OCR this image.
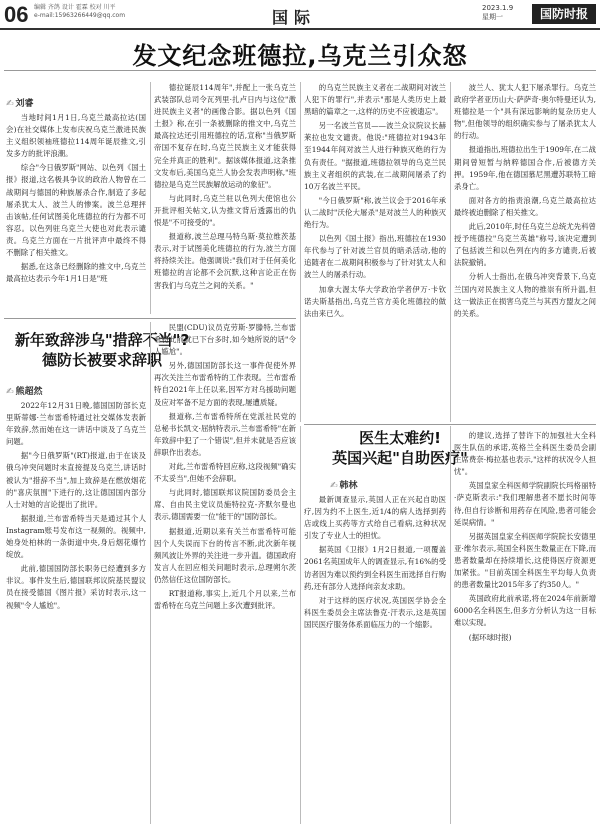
06 编辑 齐鸽 设计 霍霖 校对 川平
e-mail:15963266449@qq.com	国际	2023.1.9
星期一	国防时报
发文纪念班德拉,乌克兰引众怒
✍ 刘睿

当地时间1月1日,乌克兰最高拉达(国会)在社交媒体上发布庆祝乌克兰激进民族主义组织领袖班德拉114周年诞辰推文,引发多方的批评浪潮。

综合"今日俄罗斯"网站、以色列《国土报》报道,这名极具争议的政治人物曾在二战期间与德国的种族屠杀合作,制造了多起屠杀犹太人、波兰人的惨案。波兰总理抨击该帖,任何试图美化班德拉的行为都不可容忍。以色列驻乌克兰大使也对此表示谴责。乌克兰方面在一片批评声中最终不得不删除了相关推文。

据悉,在这条已经删除的推文中,乌克兰最高拉达表示今年1月1日是"班

德拉诞辰114周年",并配上一张乌克兰武装部队总司令瓦列里·扎卢日内与这位"激进民族主义者"的画像合影。据以色列《国土报》称,在引一条被删除的推文中,乌克兰最高拉达还引用班德拉的话,宣称"当俄罗斯帝国不复存在时,乌克兰民族主义才能获得完全并真正的胜利"。据该媒体报道,这条推文发布后,美国乌克兰人协会发表声明称,"班德拉是乌克兰民族解放运动的象征"。

与此同时,乌克兰驻以色列大使馆也公开批评相关帖文,认为推文背后透露出的仇恨是"不可接受的"。

报道称,波兰总理马特乌斯·莫拉维茨基表示,对于试图美化班德拉的行为,波兰方面将持续关注。他强调说:"我们对于任何美化班德拉的言论都不会沉默,这种言论正在伤害我们与乌克兰之间的关系。"

的乌克兰民族主义者在二战期间对波兰人犯下的罪行",并表示"那是人类历史上最黑暗的篇章之一,这样的历史不应被遗忘"。

另一名波兰官员——波兰众议院议长赫莱拉也发文谴责。他说:"班德拉对1943年至1944年间对波兰人进行种族灭绝的行为负有责任。"据报道,班德拉领导的乌克兰民族主义者组织的武装,在二战期间屠杀了约10万名波兰平民。

"今日俄罗斯"称,波兰议会于2016年承认二战时"沃伦大屠杀"是对波兰人的种族灭绝行为。

以色列《国土报》指出,班德拉在1930年代参与了针对波兰官员的暗杀活动,他的追随者在二战期间积极参与了针对犹太人和波兰人的屠杀行动。

加拿大渥太华大学政治学者伊万·卡钦诺夫斯基指出,乌克兰官方美化班德拉的做法由来已久。

波兰人、犹太人犯下屠杀罪行。乌克兰政府学者亚历山大·萨萨奇·奥尔特曼还认为,班德拉是一个"具有深远影响的复杂历史人物",但他领导的组织确实参与了屠杀犹太人的行动。

报道指出,班德拉出生于1909年,在二战期间曾短暂与纳粹德国合作,后被德方关押。1959年,他在德国慕尼黑遭苏联特工暗杀身亡。

面对各方的指责浪潮,乌克兰最高拉达最终被迫删除了相关推文。

此后,2010年,时任乌克兰总统尤先科曾授予班德拉"乌克兰英雄"称号,该决定遭到了包括波兰和以色列在内的多方谴责,后被法院撤销。

分析人士指出,在俄乌冲突背景下,乌克兰国内对民族主义人物的推崇有所升温,但这一做法正在损害乌克兰与其西方盟友之间的关系。

新年致辞涉乌"措辞不当"?
德防长被要求辞职
✍ 熊超然

2022年12月31日晚,德国国防部长克里斯蒂娜·兰布雷希特通过社交媒体发表新年致辞,然而她在这一讲话中谈及了乌克兰问题。

据"今日俄罗斯"(RT)报道,由于在谈及俄乌冲突问题时未直接提及乌克兰,讲话时被认为"措辞不当",加上致辞是在燃放烟花的"喜庆氛围"下进行的,这让德国国内部分人士对她的言论提出了批评。

据报道,兰布雷希特当天是通过其个人Instagram账号发布这一视频的。视频中,她身处柏林的一条街道中央,身后烟花爆竹绽放。

此前,德国国防部长职务已经遭到多方非议。事件发生后,德国联邦议院基民盟议员在接受德国《图片报》采访时表示,这一视频"令人尴尬"。

民盟(CDU)议员克劳斯·罗滕特,兰布雷希特此前就已下台多时,如今她所说的话"令人尴尬"。

另外,德国国防部长这一事件促使外界再次关注兰布雷希特的工作表现。兰布雷希特自2021年上任以来,因军方对乌援助问题及应对军备不足方面的表现,屡遭质疑。

报道称,兰布雷希特所在党派社民党的总秘书长凯文·屈纳特表示,兰布雷希特"在新年致辞中犯了一个错误",但并未就是否应该辞职作出表态。

对此,兰布雷希特回应称,这段视频"确实不太妥当",但她不会辞职。

与此同时,德国联邦议院国防委员会主席、自由民主党议员施特拉克-齐默尔曼也表示,德国需要一位"能干的"国防部长。

据报道,近期以来有关兰布雷希特可能因个人失误而下台的传言不断,此次新年视频风波让外界的关注进一步升温。德国政府发言人在回应相关问题时表示,总理朔尔茨仍然信任这位国防部长。

RT报道称,事实上,近几个月以来,兰布雷希特在乌克兰问题上多次遭到批评。

医生太难约!
英国兴起"自助医疗"
✍ 韩林

最新调查显示,英国人正在兴起自助医疗,因为约不上医生,近1/4的病人选择到药店或线上买药等方式给自己看病,这种状况引发了专业人士的担忧。

据英国《卫报》1月2日报道,一项覆盖2061名英国成年人的调查显示,有16%的受访者因为难以预约到全科医生而选择自行购药,还有部分人选择向亲友求助。

对于这样的医疗状况,英国医学协会全科医生委员会主席法鲁克·汗表示,这是英国国民医疗服务体系面临压力的一个缩影。

的建议,选择了替许下的加强社大全科医生队伍的承诺,英格兰全科医生委员会副主席费奈·梅拉基也表示,"这样的状况令人担忧"。

英国皇家全科医师学院副院长玛格丽特·萨克斯表示:"我们理解患者不愿长时间等待,但自行诊断和用药存在风险,患者可能会延误病情。"

另据英国皇家全科医师学院院长安德里亚·维尔表示,英国全科医生数量正在下降,而患者数量却在持续增长,这使得医疗资源更加紧张。"目前英国全科医生平均每人负责的患者数量比2015年多了约350人。"

英国政府此前承诺,将在2024年前新增6000名全科医生,但多方分析认为这一目标难以实现。

(据环球时报)
